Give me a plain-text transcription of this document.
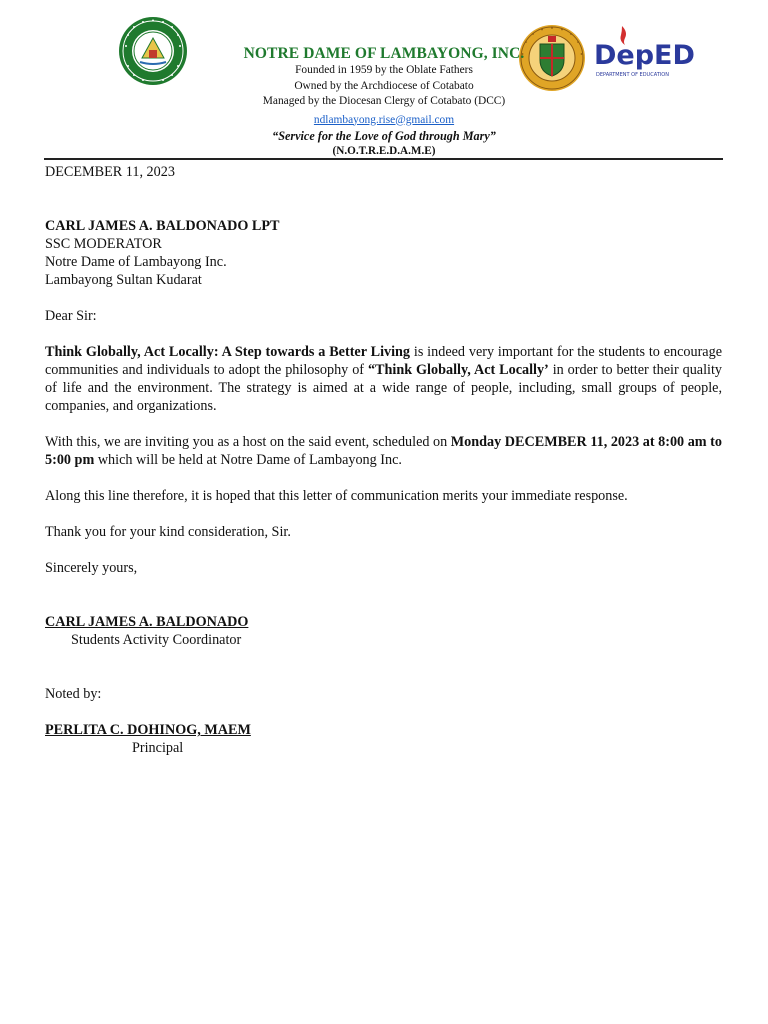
DepED
DEPARTMENT OF EDUCATION
NOTRE DAME OF LAMBAYONG, INC.
Founded in 1959 by the Oblate Fathers
Owned by the Archdiocese of Cotabato
Managed by the Diocesan Clergy of Cotabato (DCC)
ndlambayong.rise@gmail.com
“Service for the Love of God through Mary”
(N.O.T.R.E.D.A.M.E)

DECEMBER 11, 2023

CARL JAMES A. BALDONADO LPT

SSC MODERATOR

Notre Dame of Lambayong Inc.

Lambayong Sultan Kudarat

Dear Sir:

Think Globally, Act Locally: A Step towards a Better Living is indeed very important for the students to encourage communities and individuals to adopt the philosophy of “Think Globally, Act Locally’ in order to better their quality of life and the environment. The strategy is aimed at a wide range of people, including, small groups of people, companies, and organizations.

With this, we are inviting you as a host on the said event, scheduled on Monday DECEMBER 11, 2023 at 8:00 am to 5:00 pm which will be held at Notre Dame of Lambayong Inc.

Along this line therefore, it is hoped that this letter of communication merits your immediate response.

Thank you for your kind consideration, Sir.

Sincerely yours,

CARL JAMES A. BALDONADO

Students Activity Coordinator

Noted by:

PERLITA C. DOHINOG, MAEM

Principal
